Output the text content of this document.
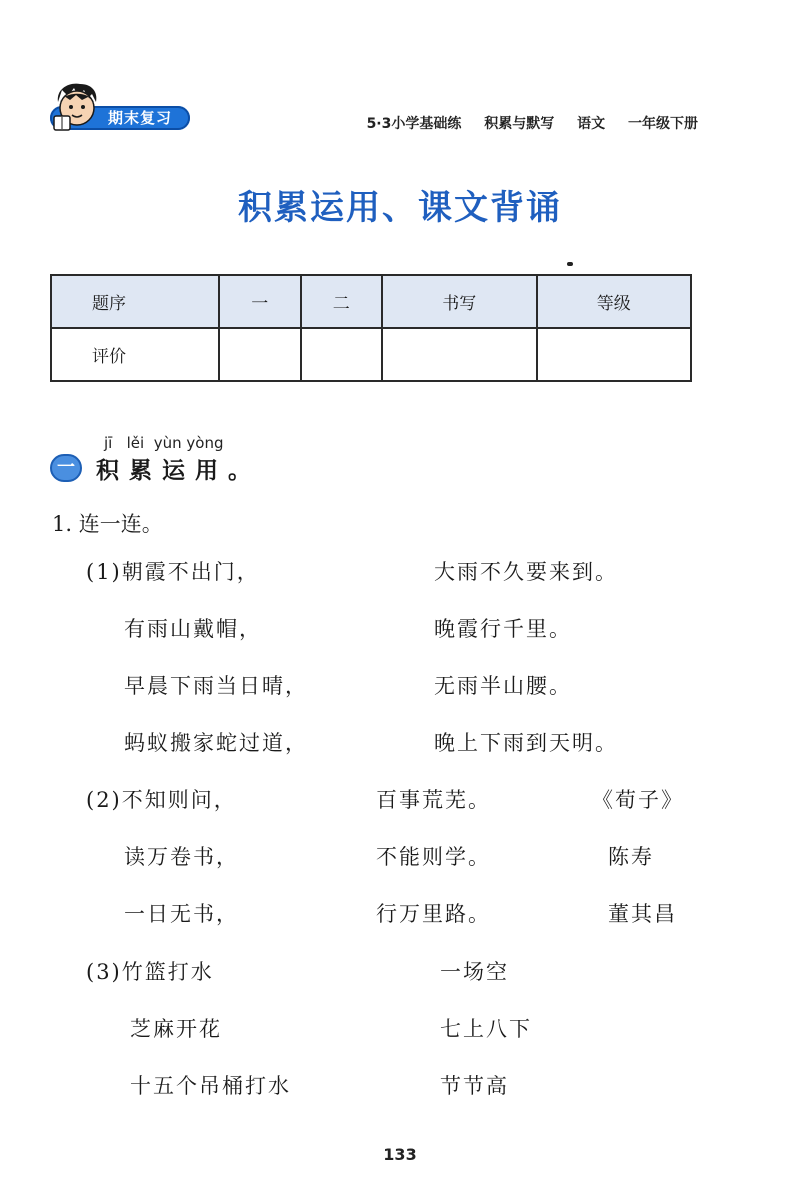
期末复习	5·3小学基础练 积累与默写 语文 一年级下册
积累运用、课文背诵
题序	一	二	书写	等级
评价				
jī   lěi  yùn yòng
一 积累运用。
1. 连一连。
(1)朝霞不出门，	大雨不久要来到。
有雨山戴帽，	晚霞行千里。
早晨下雨当日晴，	无雨半山腰。
蚂蚁搬家蛇过道，	晚上下雨到天明。
(2)不知则问，	百事荒芜。	《荀子》
读万卷书，	不能则学。	陈寿
一日无书，	行万里路。	董其昌
(3)竹篮打水	一场空
芝麻开花	七上八下
十五个吊桶打水	节节高
133
